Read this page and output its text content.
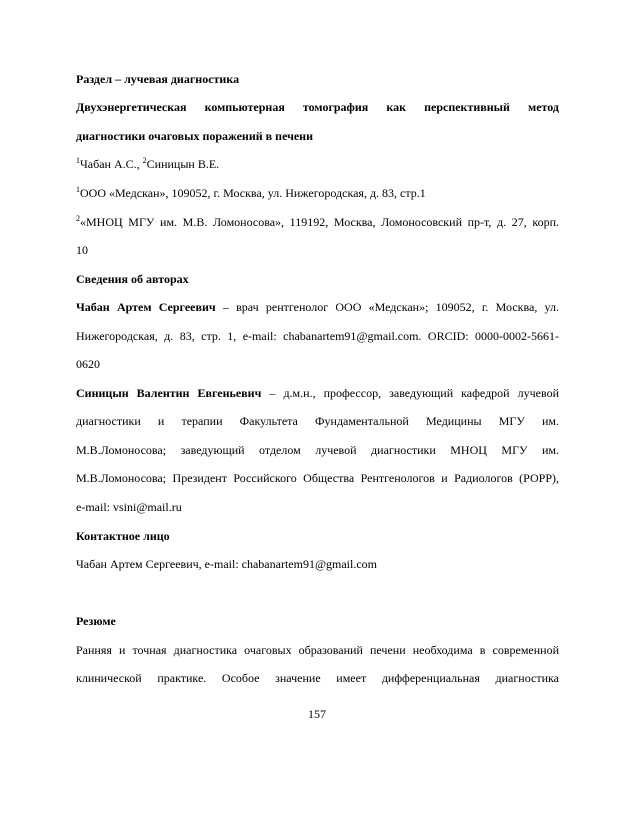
Раздел – лучевая диагностика
Двухэнергетическая компьютерная томография как перспективный метод
диагностики очаговых поражений в печени
$^1$Чабан А.С., $^2$Синицын В.Е.
$^1$ООО «Медскан», 109052, г. Москва, ул. Нижегородская, д. 83, стр.1
$^2$«МНОЦ МГУ им. М.В. Ломоносова», 119192, Москва, Ломоносовский пр-т, д. 27, корп.
10
Сведения об авторах
Чабан Артем Сергеевич – врач рентгенолог ООО «Медскан»; 109052, г. Москва, ул.
Нижегородская, д. 83, стр. 1, e-mail: chabanartem91@gmail.com. ORCID: 0000-0002-5661-
0620
Синицын Валентин Евгеньевич – д.м.н., профессор, заведующий кафедрой лучевой
диагностики и терапии Факультета Фундаментальной Медицины МГУ им.
М.В.Ломоносова; заведующий отделом лучевой диагностики МНОЦ МГУ им.
М.В.Ломоносова; Президент Российского Общества Рентгенологов и Радиологов (РОРР),
e-mail: vsini@mail.ru
Контактное лицо
Чабан Артем Сергеевич, e-mail: chabanartem91@gmail.com
Резюме
Ранняя и точная диагностика очаговых образований печени необходима в современной
клинической практике. Особое значение имеет дифференциальная диагностика
157
